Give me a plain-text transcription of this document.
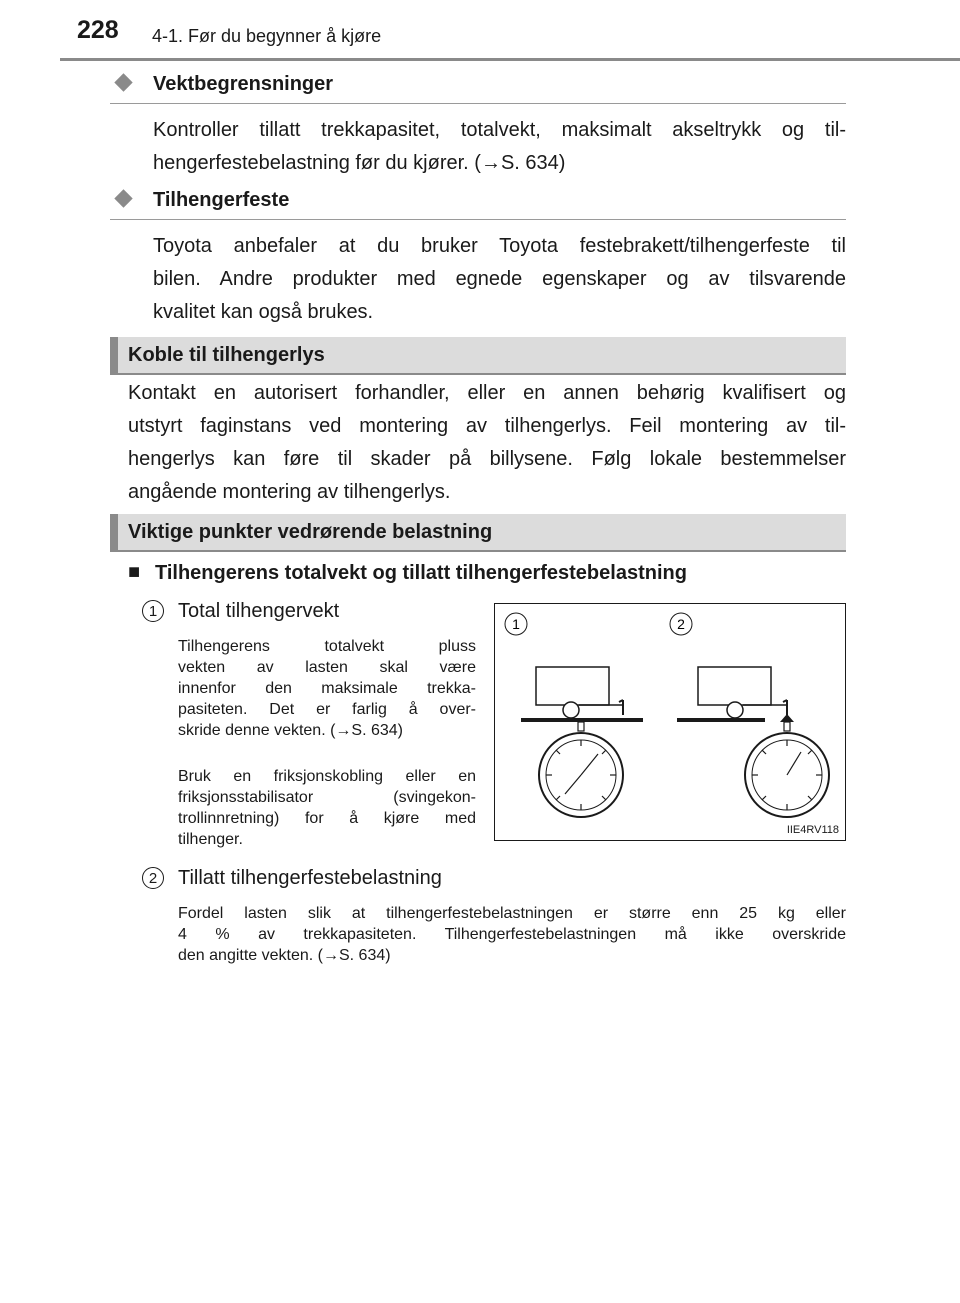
228 4-1. Før du begynner å kjøre
Vektbegrensninger
Kontroller tillatt trekkapasitet, totalvekt, maksimalt akseltrykk og til-
hengerfestebelastning før du kjører. (→S. 634)
Tilhengerfeste
Toyota anbefaler at du bruker Toyota festebrakett/tilhengerfeste til
bilen. Andre produkter med egnede egenskaper og av tilsvarende
kvalitet kan også brukes.
Koble til tilhengerlys
Kontakt en autorisert forhandler, eller en annen behørig kvalifisert og
utstyrt faginstans ved montering av tilhengerlys. Feil montering av til-
hengerlys kan føre til skader på billysene. Følg lokale bestemmelser
angående montering av tilhengerlys.
Viktige punkter vedrørende belastning
■ Tilhengerens totalvekt og tillatt tilhengerfestebelastning
1	Total tilhengervekt
Tilhengerens totalvekt pluss
vekten av lasten skal være
innenfor den maksimale trekka-
pasiteten. Det er farlig å over-
skride denne vekten. (→S. 634)
Bruk en friksjonskobling eller en
friksjonsstabilisator (svingekon-
trollinnretning) for å kjøre med
tilhenger.
1	2
IIE4RV118
2	Tillatt tilhengerfestebelastning
Fordel lasten slik at tilhengerfestebelastningen er større enn 25 kg eller
4 % av trekkapasiteten. Tilhengerfestebelastningen må ikke overskride
den angitte vekten. (→S. 634)
